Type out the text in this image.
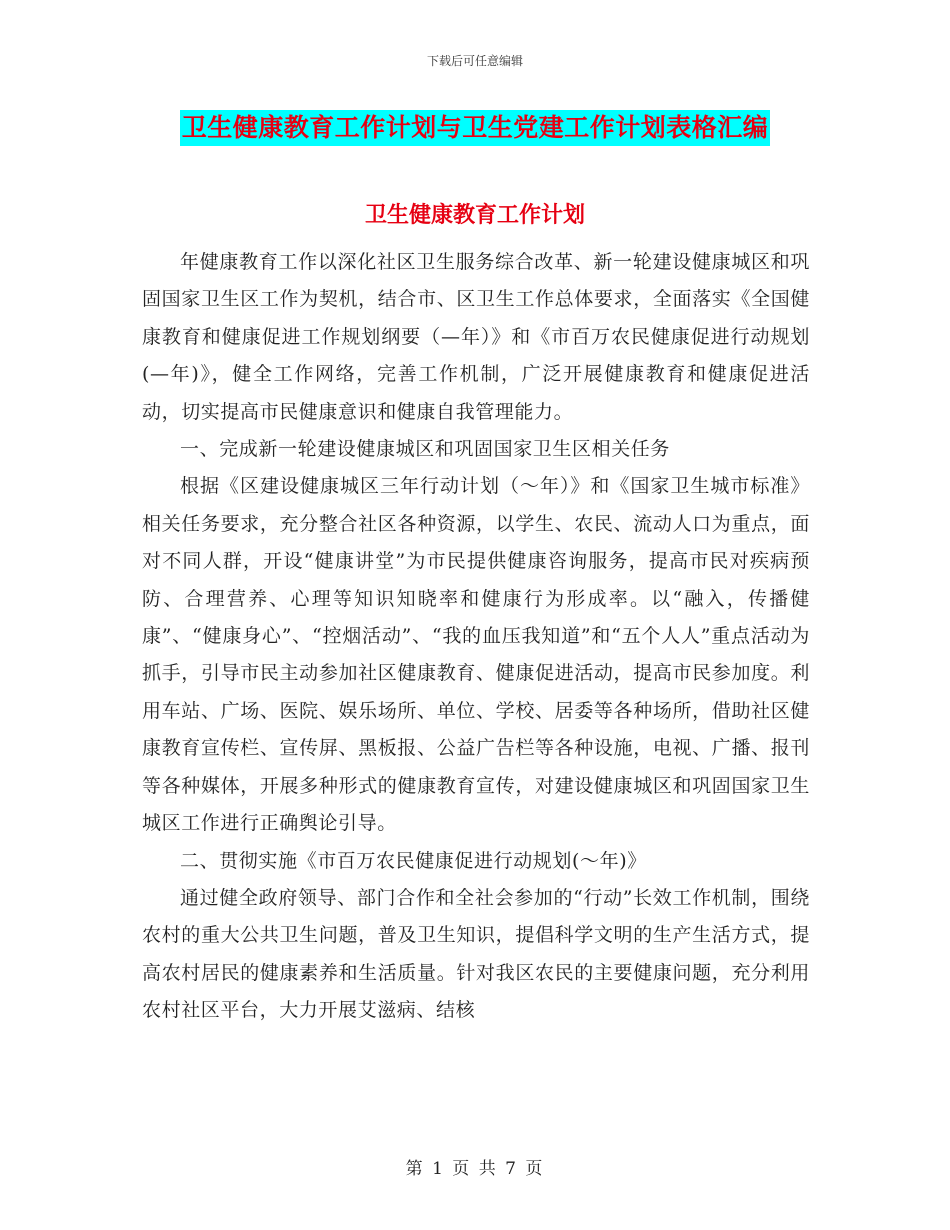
下载后可任意编辑
卫生健康教育工作计划与卫生党建工作计划表格汇编
卫生健康教育工作计划

年健康教育工作以深化社区卫生服务综合改革、新一轮建设健康城区和巩固国家卫生区工作为契机，结合市、区卫生工作总体要求，全面落实《全国健康教育和健康促进工作规划纲要（—年）》和《市百万农民健康促进行动规划(—年)》，健全工作网络，完善工作机制，广泛开展健康教育和健康促进活动，切实提高市民健康意识和健康自我管理能力。

一、完成新一轮建设健康城区和巩固国家卫生区相关任务

根据《区建设健康城区三年行动计划（～年）》和《国家卫生城市标准》相关任务要求，充分整合社区各种资源，以学生、农民、流动人口为重点，面对不同人群，开设“健康讲堂”为市民提供健康咨询服务，提高市民对疾病预防、合理营养、心理等知识知晓率和健康行为形成率。以“融入，传播健康”、“健康身心”、“控烟活动”、“我的血压我知道”和“五个人人”重点活动为抓手，引导市民主动参加社区健康教育、健康促进活动，提高市民参加度。利用车站、广场、医院、娱乐场所、单位、学校、居委等各种场所，借助社区健康教育宣传栏、宣传屏、黑板报、公益广告栏等各种设施，电视、广播、报刊等各种媒体，开展多种形式的健康教育宣传，对建设健康城区和巩固国家卫生城区工作进行正确舆论引导。

二、贯彻实施《市百万农民健康促进行动规划(～年)》

通过健全政府领导、部门合作和全社会参加的“行动”长效工作机制，围绕农村的重大公共卫生问题，普及卫生知识，提倡科学文明的生产生活方式，提高农村居民的健康素养和生活质量。针对我区农民的主要健康问题，充分利用农村社区平台，大力开展艾滋病、结核

第 1 页 共 7 页
